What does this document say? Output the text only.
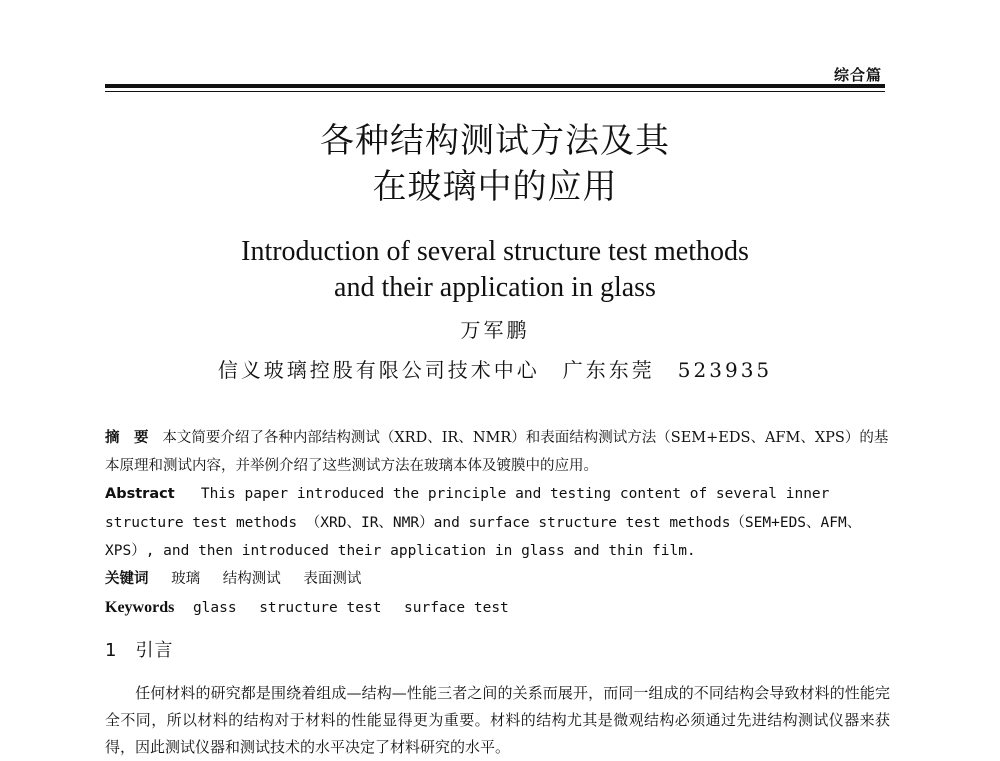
综合篇
各种结构测试方法及其
在玻璃中的应用
Introduction of several structure test methods
and their application in glass
万军鹏
信义玻璃控股有限公司技术中心　广东东莞　523935
摘　要 本文简要介绍了各种内部结构测试（XRD、IR、NMR）和表面结构测试方法（SEM+EDS、AFM、XPS）的基本原理和测试内容，并举例介绍了这些测试方法在玻璃本体及镀膜中的应用。
Abstract This paper introduced the principle and testing content of several inner structure test methods （XRD、IR、NMR）and surface structure test methods（SEM+EDS、AFM、XPS）, and then introduced their application in glass and thin film.
关键词 玻璃 结构测试 表面测试
Keywords glass structure test surface test
1 引言
任何材料的研究都是围绕着组成—结构—性能三者之间的关系而展开，而同一组成的不同结构会导致材料的性能完全不同，所以材料的结构对于材料的性能显得更为重要。材料的结构尤其是微观结构必须通过先进结构测试仪器来获得，因此测试仪器和测试技术的水平决定了材料研究的水平。
